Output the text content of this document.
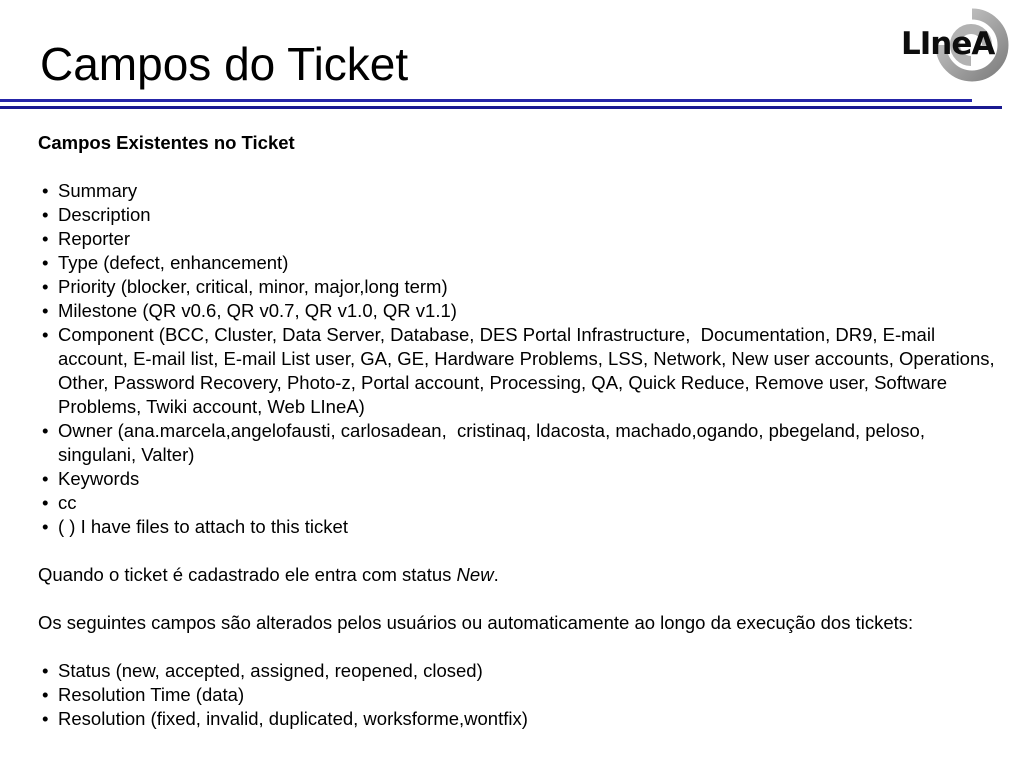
Campos do Ticket	LIneA
Campos Existentes no Ticket
• Summary
• Description
• Reporter
• Type (defect, enhancement)
• Priority (blocker, critical, minor, major,long term)
• Milestone (QR v0.6, QR v0.7, QR v1.0, QR v1.1)
• Component (BCC, Cluster, Data Server, Database, DES Portal Infrastructure,  Documentation, DR9, E-mail account, E-mail list, E-mail List user, GA, GE, Hardware Problems, LSS, Network, New user accounts, Operations,  Other, Password Recovery, Photo-z, Portal account, Processing, QA, Quick Reduce, Remove user, Software Problems, Twiki account, Web LIneA)
• Owner (ana.marcela,angelofausti, carlosadean,  cristinaq, ldacosta, machado,ogando, pbegeland, peloso, singulani, Valter)
• Keywords
• cc
• ( ) I have files to attach to this ticket
Quando o ticket é cadastrado ele entra com status New.
Os seguintes campos são alterados pelos usuários ou automaticamente ao longo da execução dos tickets:
• Status (new, accepted, assigned, reopened, closed)
• Resolution Time (data)
• Resolution (fixed, invalid, duplicated, worksforme,wontfix)
